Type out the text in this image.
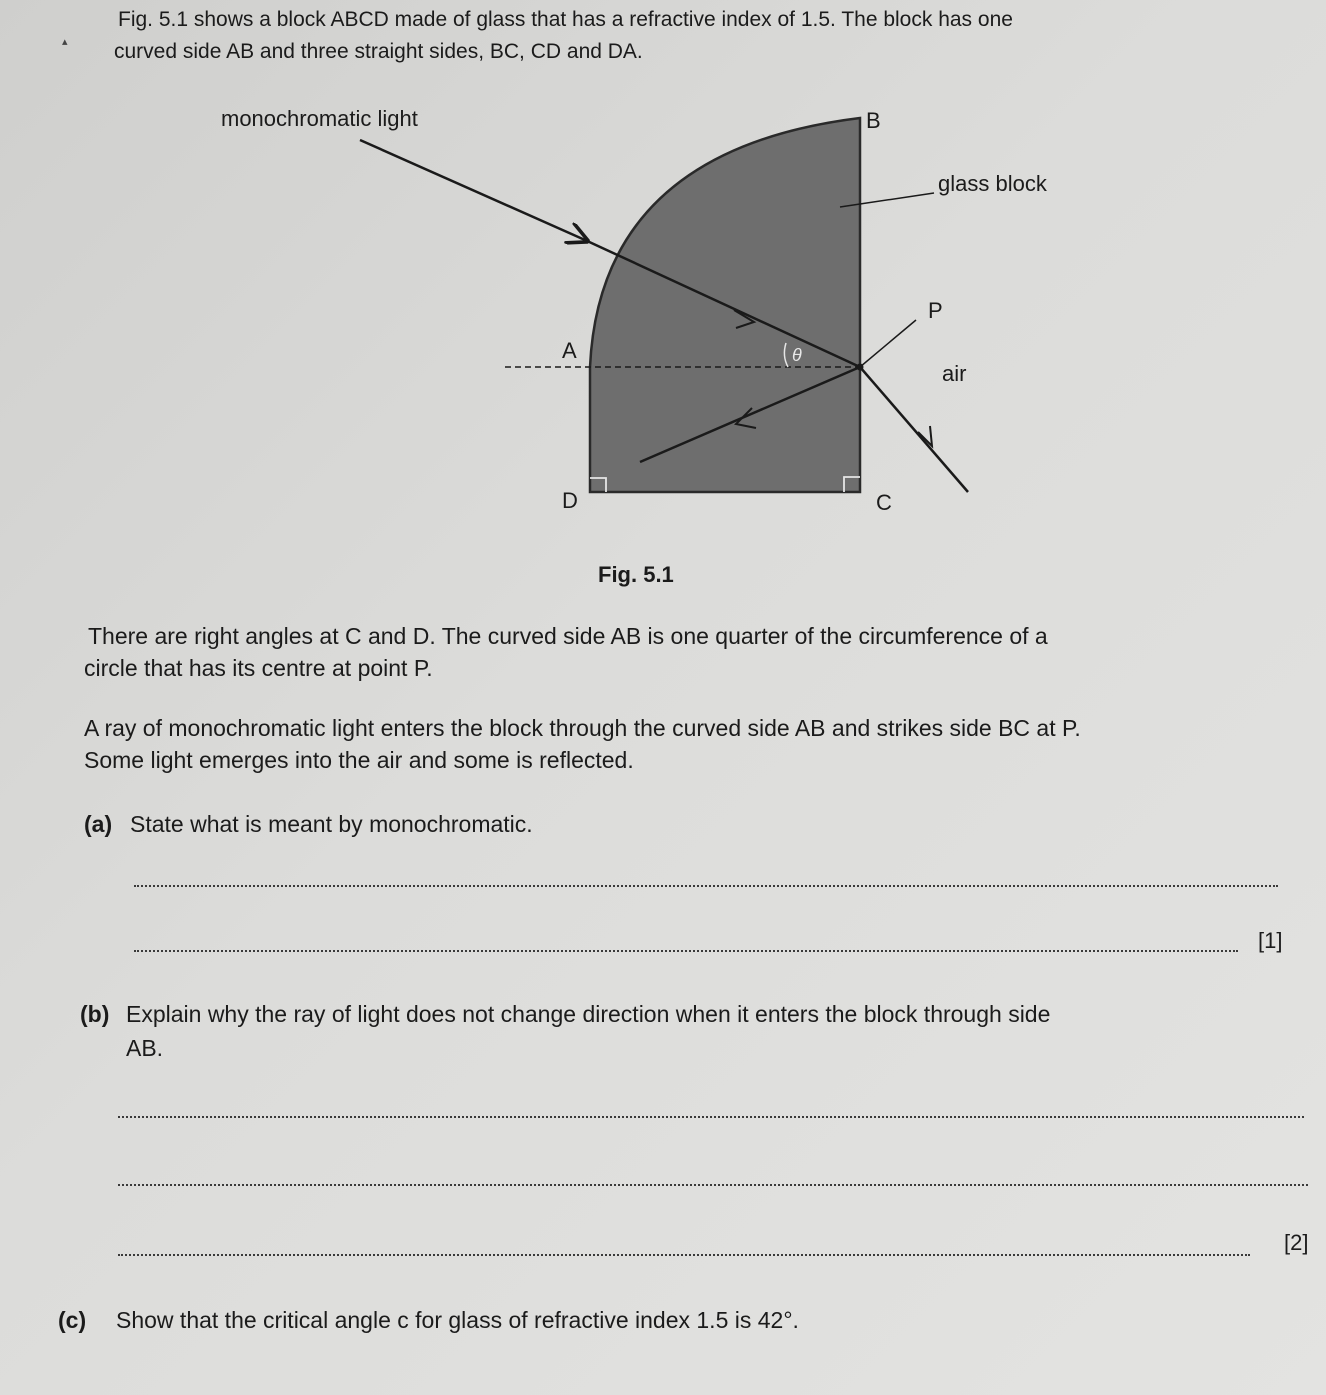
▴
Fig. 5.1 shows a block ABCD made of glass that has a refractive index of 1.5. The block has one
curved side AB and three straight sides, BC, CD and DA.
monochromatic light	B
glass block
P
A	θ
air
D	C
Fig. 5.1
There are right angles at C and D. The curved side AB is one quarter of the circumference of a
circle that has its centre at point P.
A ray of monochromatic light enters the block through the curved side AB and strikes side BC at P.
Some light emerges into the air and some is reflected.
(a) State what is meant by monochromatic.
[1]
(b) Explain why the ray of light does not change direction when it enters the block through side
AB.
[2]
(c) Show that the critical angle c for glass of refractive index 1.5 is 42°.
